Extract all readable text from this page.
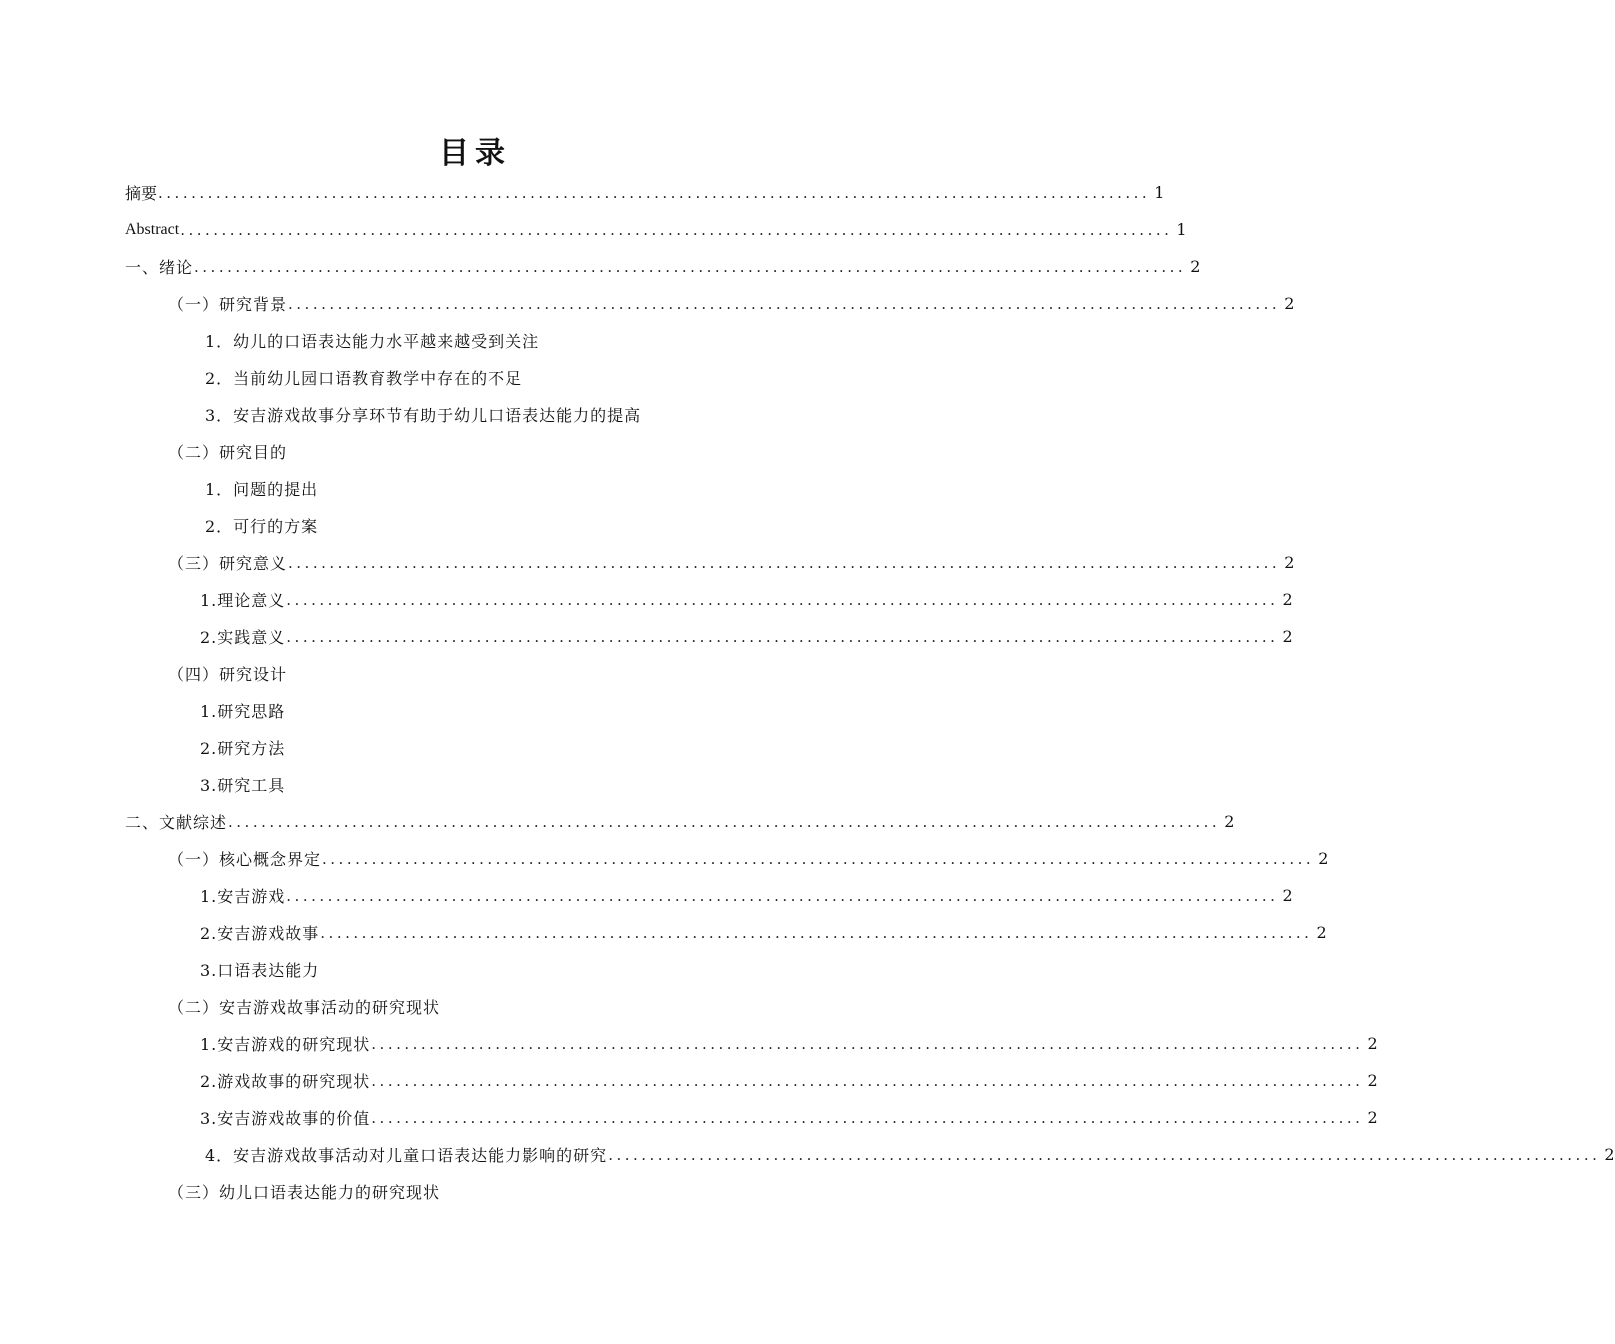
目录
摘要 ........................................................................................................................ 1
Abstract ........................................................................................................................ 1
一、绪论 ........................................................................................................................ 2
（一）研究背景 ........................................................................................................................ 2
1．幼儿的口语表达能力水平越来越受到关注
2．当前幼儿园口语教育教学中存在的不足
3．安吉游戏故事分享环节有助于幼儿口语表达能力的提高
（二）研究目的
1．问题的提出
2．可行的方案
（三）研究意义 ........................................................................................................................ 2
1.理论意义 ........................................................................................................................ 2
2.实践意义 ........................................................................................................................ 2
（四）研究设计
1.研究思路
2.研究方法
3.研究工具
二、文献综述 ........................................................................................................................ 2
（一）核心概念界定 ........................................................................................................................ 2
1.安吉游戏 ........................................................................................................................ 2
2.安吉游戏故事 ........................................................................................................................ 2
3.口语表达能力
（二）安吉游戏故事活动的研究现状
1.安吉游戏的研究现状 ........................................................................................................................ 2
2.游戏故事的研究现状 ........................................................................................................................ 2
3.安吉游戏故事的价值 ........................................................................................................................ 2
4．安吉游戏故事活动对儿童口语表达能力影响的研究 ........................................................................................................................ 2
（三）幼儿口语表达能力的研究现状
